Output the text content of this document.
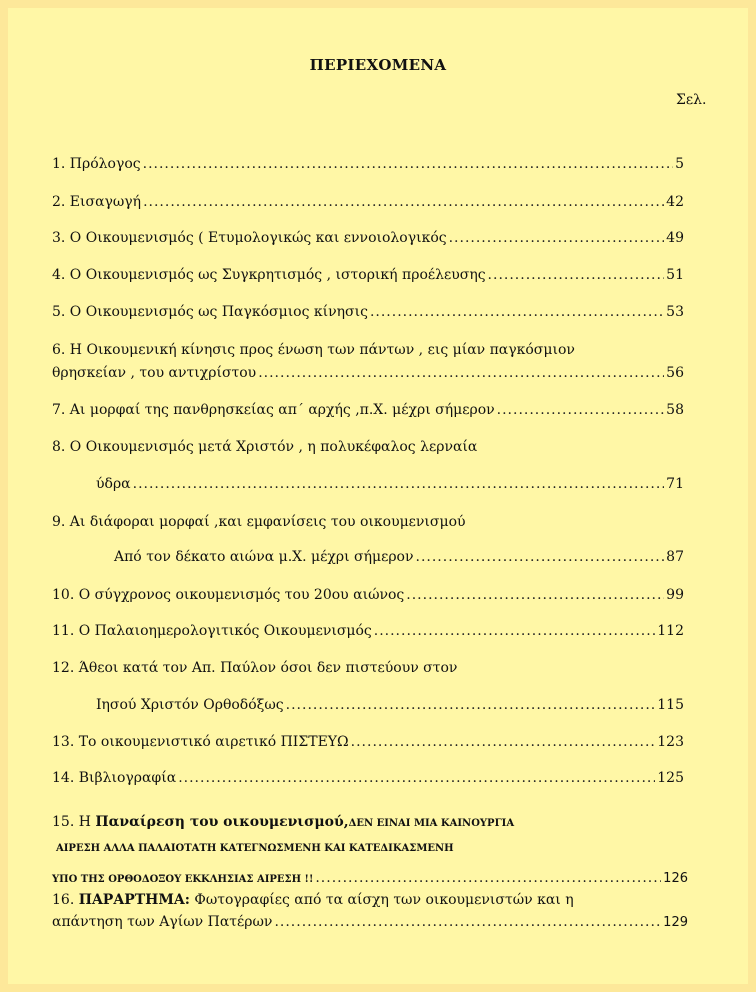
ΠΕΡΙΕΧΟΜΕΝΑ
Σελ.
1. Πρόλογος .....	5
2. Εισαγωγή .....	42
3. Ο Οικουμενισμός ( Ετυμολογικώς και εννοιολογικός .....	49
4. Ο Οικουμενισμός ως Συγκρητισμός , ιστορική προέλευσης .....	51
5. Ο Οικουμενισμός ως Παγκόσμιος κίνησις .....	53
6. Η Οικουμενική κίνησις προς ένωση των πάντων , εις μίαν παγκόσμιον
θρησκείαν , του αντιχρίστου .....	56
7. Αι μορφαί της πανθρησκείας απ΄ αρχής ,π.Χ. μέχρι σήμερον .....	58
8. Ο Οικουμενισμός μετά Χριστόν , η πολυκέφαλος λερναία
ύδρα .....	71
9. Αι διάφοραι μορφαί ,και εμφανίσεις του οικουμενισμού
Από τον δέκατο αιώνα μ.Χ. μέχρι σήμερον .....	87
10. Ο σύγχρονος οικουμενισμός του 20ου αιώνος .....	99
11. Ο Παλαιοημερολογιτικός Οικουμενισμός .....	112
12. Άθεοι κατά τον Απ. Παύλον όσοι δεν πιστεύουν στον
Ιησού Χριστόν Ορθοδόξως .....	115
13. Το οικουμενιστικό αιρετικό ΠΙΣΤΕΥΩ .....	123
14. Βιβλιογραφία .....	125
15. Η Παναίρεση του οικουμενισμού,ΔΕΝ ΕΙΝΑΙ ΜΙΑ ΚΑΙΝΟΥΡΓΙΑ
ΑΙΡΕΣΗ ΑΛΛΑ ΠΑΛΑΙΟΤΑΤΗ ΚΑΤΕΓΝΩΣΜΕΝΗ ΚΑΙ ΚΑΤΕΔΙΚΑΣΜΕΝΗ
ΥΠΟ ΤΗΣ ΟΡΘΟΔΟΞΟΥ ΕΚΚΛΗΣΙΑΣ ΑΙΡΕΣΗ !! .....	126
16. ΠΑΡΑΡΤΗΜΑ: Φωτογραφίες από τα αίσχη των οικουμενιστών και η
απάντηση των Αγίων Πατέρων .....	129
